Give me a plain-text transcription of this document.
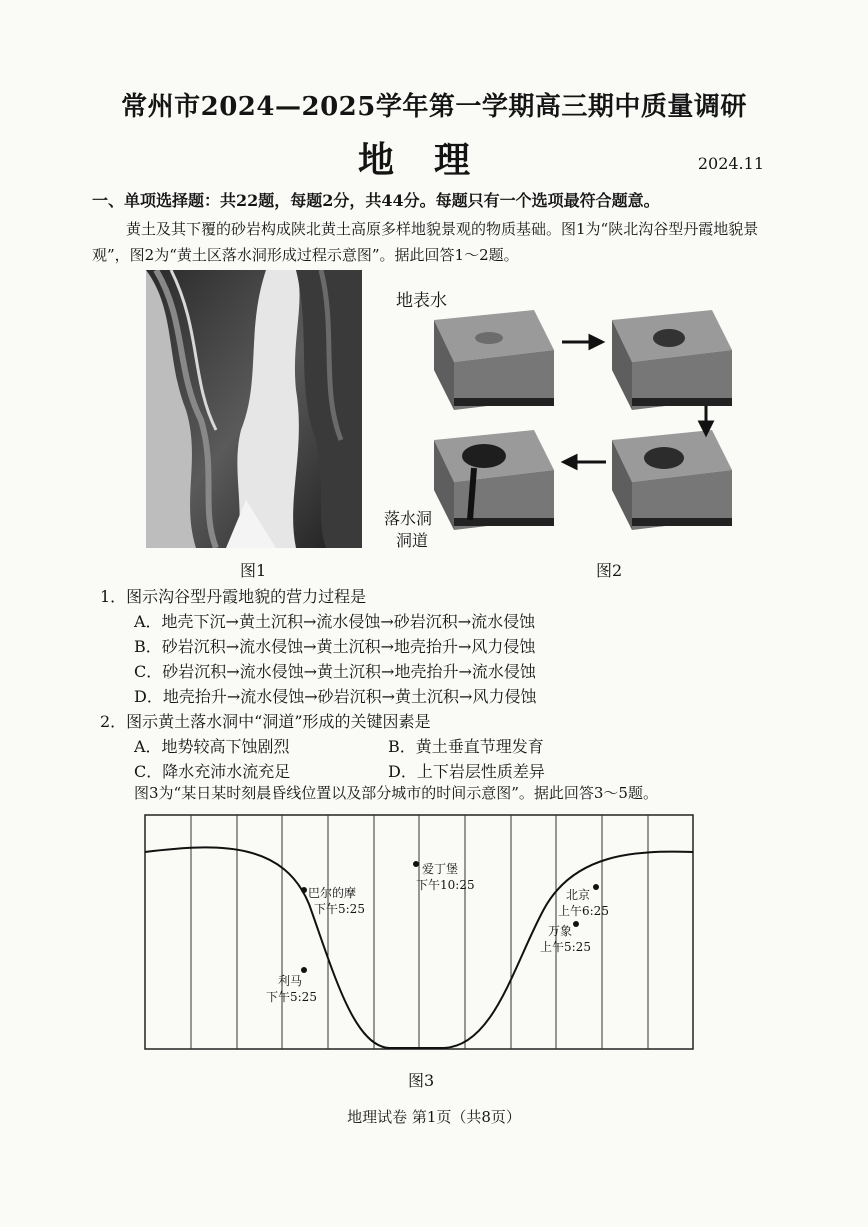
常州市2024—2025学年第一学期高三期中质量调研
地理	2024.11
一、单项选择题：共22题，每题2分，共44分。每题只有一个选项最符合题意。
黄土及其下覆的砂岩构成陕北黄土高原多样地貌景观的物质基础。图1为“陕北沟谷型丹霞地貌景观”，图2为“黄土区落水洞形成过程示意图”。据此回答1～2题。
图1
地表水
落水洞
洞道
图2
1．图示沟谷型丹霞地貌的营力过程是
A．地壳下沉→黄土沉积→流水侵蚀→砂岩沉积→流水侵蚀
B．砂岩沉积→流水侵蚀→黄土沉积→地壳抬升→风力侵蚀
C．砂岩沉积→流水侵蚀→黄土沉积→地壳抬升→流水侵蚀
D．地壳抬升→流水侵蚀→砂岩沉积→黄土沉积→风力侵蚀
2．图示黄土落水洞中“洞道”形成的关键因素是
A．地势较高下蚀剧烈	B．黄土垂直节理发育
C．降水充沛水流充足	D．上下岩层性质差异
图3为“某日某时刻晨昏线位置以及部分城市的时间示意图”。据此回答3～5题。
巴尔的摩
下午5:25
爱丁堡
下午10:25
利马
下午5:25
北京
上午6:25
万象
上午5:25
图3
地理试卷 第1页（共8页）
